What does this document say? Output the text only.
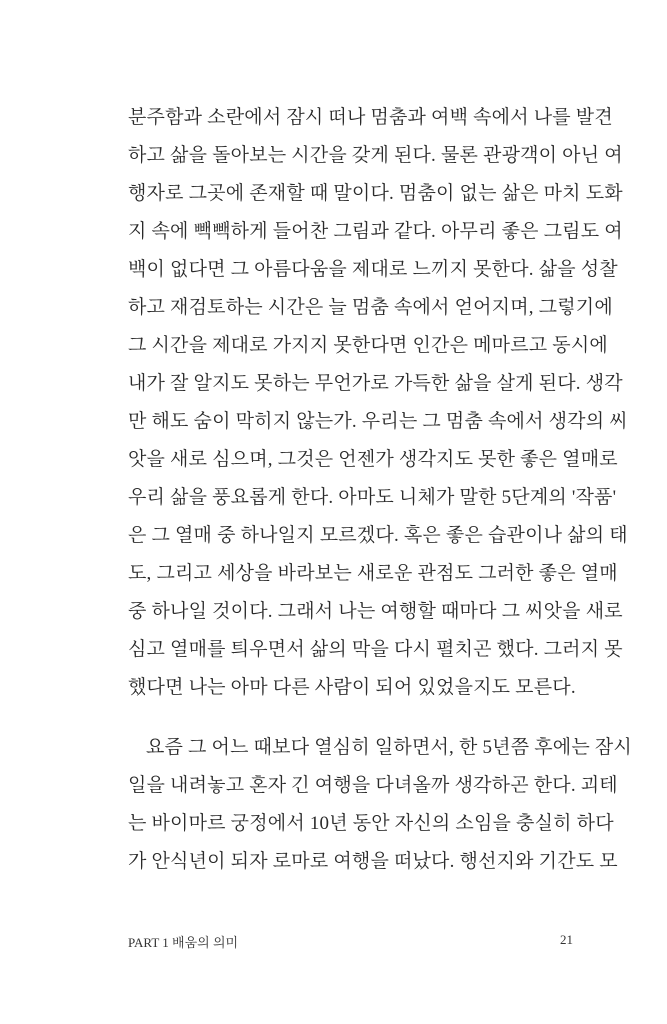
분주함과 소란에서 잠시 떠나 멈춤과 여백 속에서 나를 발견
하고 삶을 돌아보는 시간을 갖게 된다. 물론 관광객이 아닌 여
행자로 그곳에 존재할 때 말이다. 멈춤이 없는 삶은 마치 도화
지 속에 빽빽하게 들어찬 그림과 같다. 아무리 좋은 그림도 여
백이 없다면 그 아름다움을 제대로 느끼지 못한다. 삶을 성찰
하고 재검토하는 시간은 늘 멈춤 속에서 얻어지며, 그렇기에
그 시간을 제대로 가지지 못한다면 인간은 메마르고 동시에
내가 잘 알지도 못하는 무언가로 가득한 삶을 살게 된다. 생각
만 해도 숨이 막히지 않는가. 우리는 그 멈춤 속에서 생각의 씨
앗을 새로 심으며, 그것은 언젠가 생각지도 못한 좋은 열매로
우리 삶을 풍요롭게 한다. 아마도 니체가 말한 5단계의 '작품'
은 그 열매 중 하나일지 모르겠다. 혹은 좋은 습관이나 삶의 태
도, 그리고 세상을 바라보는 새로운 관점도 그러한 좋은 열매
중 하나일 것이다. 그래서 나는 여행할 때마다 그 씨앗을 새로
심고 열매를 틔우면서 삶의 막을 다시 펼치곤 했다. 그러지 못
했다면 나는 아마 다른 사람이 되어 있었을지도 모른다.
요즘 그 어느 때보다 열심히 일하면서, 한 5년쯤 후에는 잠시
일을 내려놓고 혼자 긴 여행을 다녀올까 생각하곤 한다. 괴테
는 바이마르 궁정에서 10년 동안 자신의 소임을 충실히 하다
가 안식년이 되자 로마로 여행을 떠났다. 행선지와 기간도 모
PART 1 배움의 의미	21
